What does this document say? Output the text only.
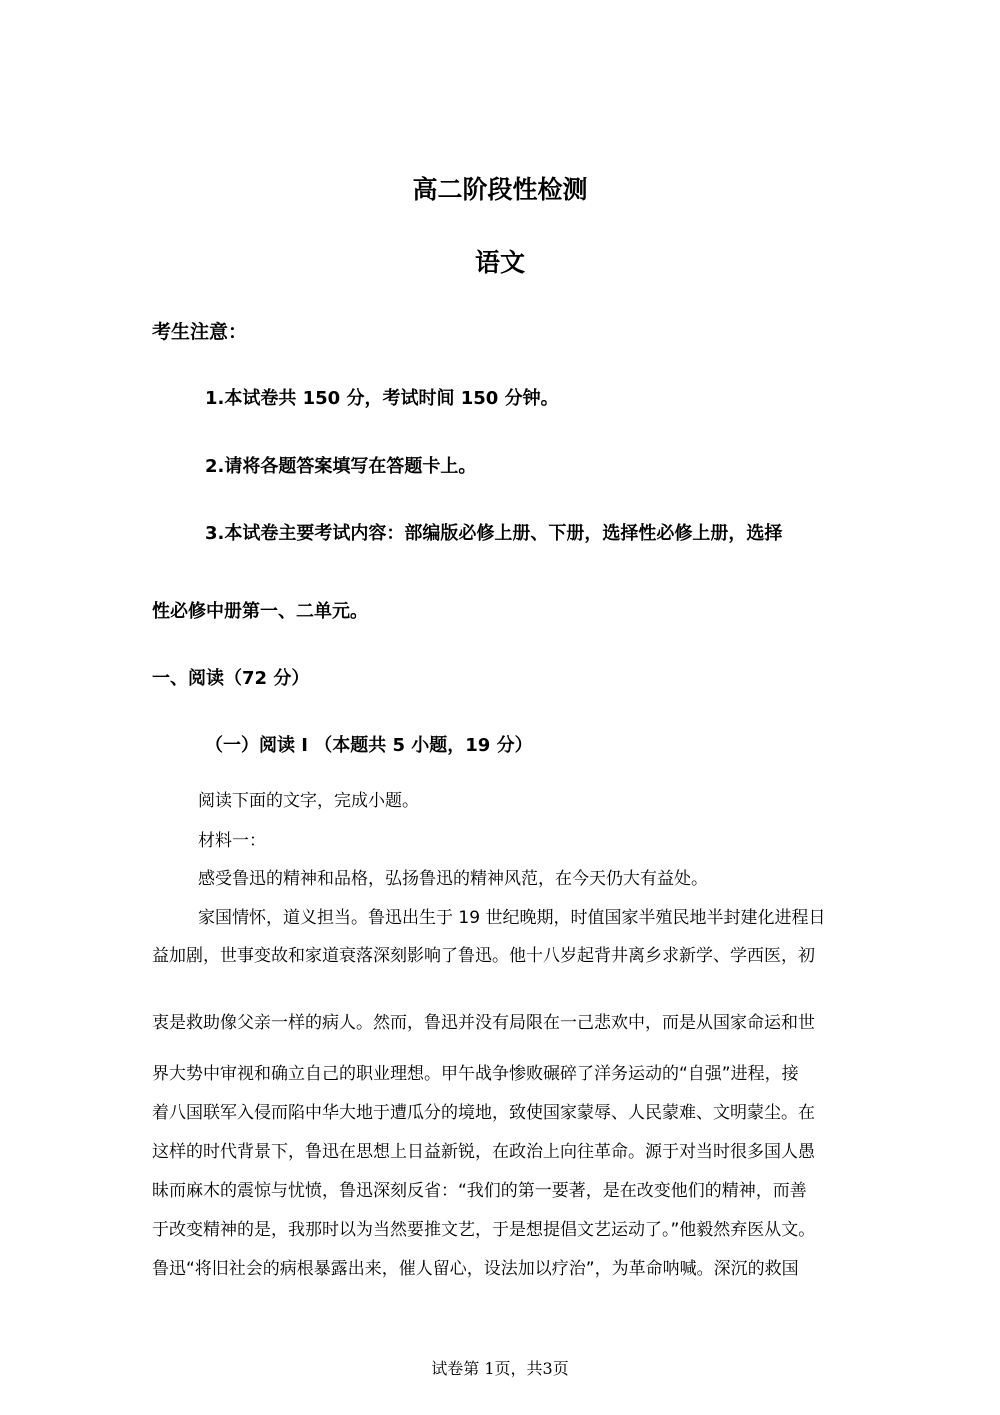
高二阶段性检测
语文
考生注意：
1.本试卷共 150 分，考试时间 150 分钟。
2.请将各题答案填写在答题卡上。
3.本试卷主要考试内容：部编版必修上册、下册，选择性必修上册，选择
性必修中册第一、二单元。
一、阅读（72 分）
（一）阅读 I （本题共 5 小题，19 分）
阅读下面的文字，完成小题。
材料一：
感受鲁迅的精神和品格，弘扬鲁迅的精神风范，在今天仍大有益处。
家国情怀，道义担当。鲁迅出生于 19 世纪晚期，时值国家半殖民地半封建化进程日
益加剧，世事变故和家道衰落深刻影响了鲁迅。他十八岁起背井离乡求新学、学西医，初
衷是救助像父亲一样的病人。然而，鲁迅并没有局限在一己悲欢中，而是从国家命运和世
界大势中审视和确立自己的职业理想。甲午战争惨败碾碎了洋务运动的“自强”进程，接
着八国联军入侵而陷中华大地于遭瓜分的境地，致使国家蒙辱、人民蒙难、文明蒙尘。在
这样的时代背景下，鲁迅在思想上日益新锐，在政治上向往革命。源于对当时很多国人愚
昧而麻木的震惊与忧愤，鲁迅深刻反省：“我们的第一要著，是在改变他们的精神，而善
于改变精神的是，我那时以为当然要推文艺，于是想提倡文艺运动了。”他毅然弃医从文。
鲁迅“将旧社会的病根暴露出来，催人留心，设法加以疗治”，为革命呐喊。深沉的救国
试卷第 1页，共3页
